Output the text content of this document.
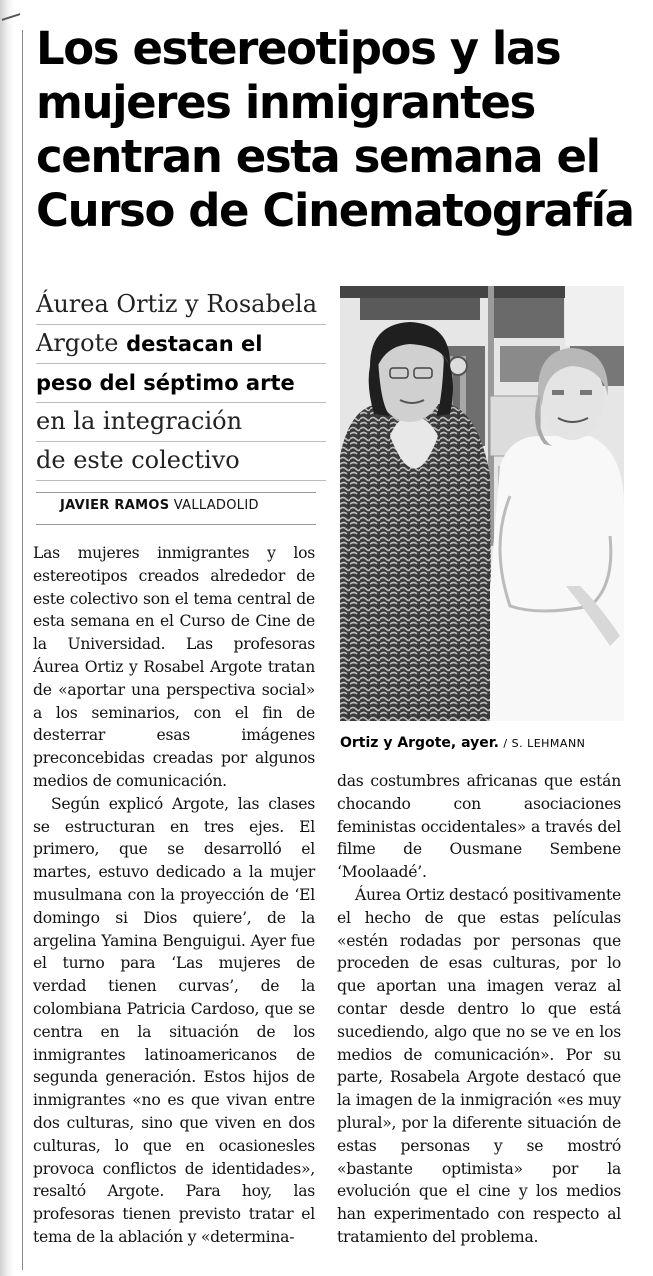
Los estereotipos y las mujeres inmigrantes centran esta semana el Curso de Cinematografía
Áurea Ortiz y Rosabela
Argote destacan el
peso del séptimo arte
en la integración
de este colectivo
JAVIER RAMOS VALLADOLID
Ortiz y Argote, ayer. / S. LEHMANN

Las mujeres inmigrantes y los estereotipos creados alrededor de este colectivo son el tema central de esta semana en el Curso de Cine de la Universidad. Las profesoras Áurea Ortiz y Rosabel Argote tratan de «aportar una perspectiva social» a los seminarios, con el fin de desterrar esas imágenes preconcebidas creadas por algunos medios de comunicación.

Según explicó Argote, las clases se estructuran en tres ejes. El primero, que se desarrolló el martes, estuvo dedicado a la mujer musulmana con la proyección de ‘El domingo si Dios quiere’, de la argelina Yamina Benguigui. Ayer fue el turno para ‘Las mujeres de verdad tienen curvas’, de la colombiana Patricia Cardoso, que se centra en la situación de los inmigrantes latinoamericanos de segunda generación. Estos hijos de inmigrantes «no es que vivan entre dos culturas, sino que viven en dos culturas, lo que en ocasionesles provoca conflictos de identidades», resaltó Argote. Para hoy, las profesoras tienen previsto tratar el tema de la ablación y «determina-

das costumbres africanas que están chocando con asociaciones feministas occidentales» a través del filme de Ousmane Sembene ‘Moolaadé’.

Áurea Ortiz destacó positivamente el hecho de que estas películas «estén rodadas por personas que proceden de esas culturas, por lo que aportan una imagen veraz al contar desde dentro lo que está sucediendo, algo que no se ve en los medios de comunicación». Por su parte, Rosabela Argote destacó que la imagen de la inmigración «es muy plural», por la diferente situación de estas personas y se mostró «bastante optimista» por la evolución que el cine y los medios han experimentado con respecto al tratamiento del problema.
